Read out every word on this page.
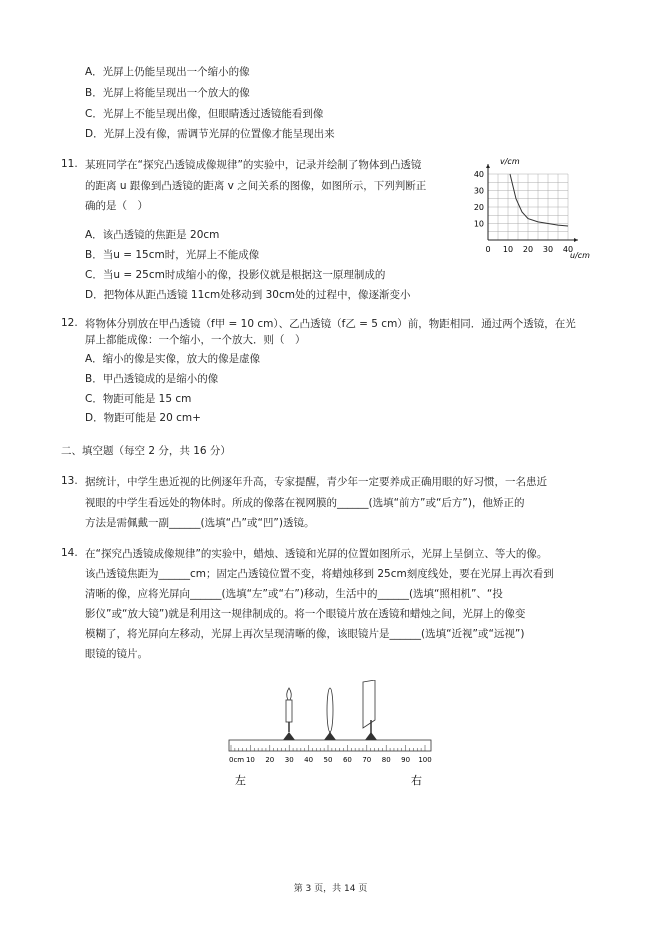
A．光屏上仍能呈现出一个缩小的像
B．光屏上将能呈现出一个放大的像
C．光屏上不能呈现出像，但眼睛透过透镜能看到像
D．光屏上没有像，需调节光屏的位置像才能呈现出来
11. 某班同学在“探究凸透镜成像规律”的实验中，记录并绘制了物体到凸透镜
的距离 u 跟像到凸透镜的距离 v 之间关系的图像，如图所示，下列判断正
确的是（　）
A．该凸透镜的焦距是 20cm
B．当u = 15cm时，光屏上不能成像
C．当u = 25cm时成缩小的像，投影仪就是根据这一原理制成的
D．把物体从距凸透镜 11cm处移动到 30cm处的过程中，像逐渐变小
0 10 20 30 40
10
20
30
40
v/cm
u/cm
12. 将物体分别放在甲凸透镜（f甲 = 10 cm）、乙凸透镜（f乙 = 5 cm）前，物距相同．通过两个透镜，在光
屏上都能成像：一个缩小，一个放大．则（　）
A．缩小的像是实像，放大的像是虚像
B．甲凸透镜成的是缩小的像
C．物距可能是 15 cm
D．物距可能是 20 cm+
二、填空题（每空 2 分，共 16 分）
13. 据统计，中学生患近视的比例逐年升高，专家提醒，青少年一定要养成正确用眼的好习惯，一名患近
视眼的中学生看远处的物体时。所成的像落在视网膜的______(选填“前方”或“后方”)，他矫正的
方法是需佩戴一副______(选填“凸”或“凹”)透镜。
14. 在“探究凸透镜成像规律”的实验中，蜡烛、透镜和光屏的位置如图所示，光屏上呈倒立、等大的像。
该凸透镜焦距为______cm；固定凸透镜位置不变，将蜡烛移到 25cm刻度线处，要在光屏上再次看到
清晰的像，应将光屏向______(选填“左”或“右”)移动，生活中的______(选填“照相机”、“投
影仪”或“放大镜”)就是利用这一规律制成的。将一个眼镜片放在透镜和蜡烛之间，光屏上的像变
模糊了，将光屏向左移动，光屏上再次呈现清晰的像，该眼镜片是______(选填“近视”或“远视”)
眼镜的镜片。
0cm 10 20 30 40 50 60 70 80 90 100
左	右
第 3 页，共 14 页
